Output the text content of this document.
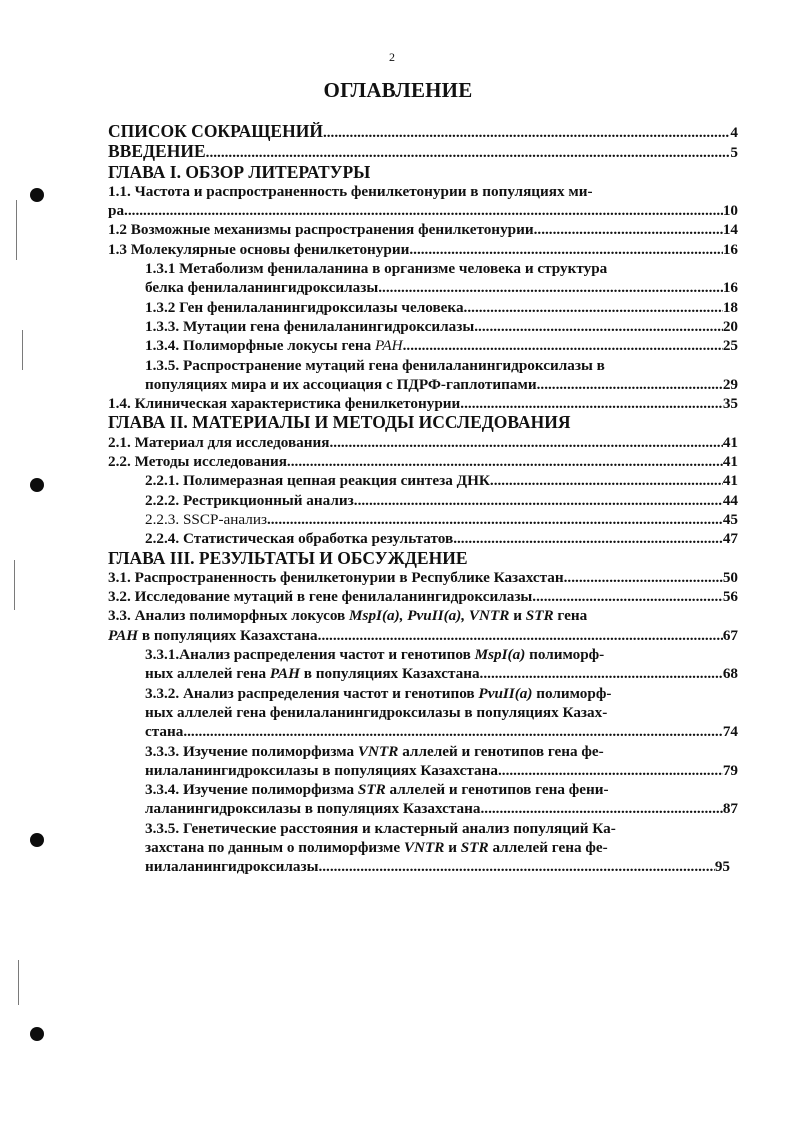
2
ОГЛАВЛЕНИЕ
СПИСОК СОКРАЩЕНИЙ .....	4
ВВЕДЕНИЕ .....	5
ГЛАВА I. ОБЗОР ЛИТЕРАТУРЫ
1.1. Частота и распространенность фенилкетонурии в популяциях ми-
ра .....	10
1.2 Возможные механизмы распространения фенилкетонурии .....	14
1.3 Молекулярные основы фенилкетонурии .....	16
1.3.1 Метаболизм фенилаланина в организме человека и структура
белка фенилаланингидроксилазы .....	16
1.3.2 Ген фенилаланингидроксилазы человека .....	18
1.3.3. Мутации гена фенилаланингидроксилазы .....	20
1.3.4. Полиморфные локусы гена PAH .....	25
1.3.5. Распространение мутаций гена фенилаланингидроксилазы в
популяциях мира и их ассоциация с ПДРФ-гаплотипами .....	29
1.4. Клиническая характеристика фенилкетонурии .....	35
ГЛАВА II. МАТЕРИАЛЫ И МЕТОДЫ ИССЛЕДОВАНИЯ
2.1. Материал для исследования .....	41
2.2. Методы исследования .....	41
2.2.1. Полимеразная цепная реакция синтеза ДНК. .....	41
2.2.2. Рестрикционный анализ .....	44
2.2.3. SSCP-анализ .....	45
2.2.4. Статистическая обработка результатов .....	47
ГЛАВА III. РЕЗУЛЬТАТЫ И ОБСУЖДЕНИЕ
3.1. Распространенность фенилкетонурии в Республике Казахстан .....	50
3.2. Исследование мутаций в гене фенилаланингидроксилазы .....	56
3.3. Анализ полиморфных локусов MspI(a), PvuII(a), VNTR и STR гена
PAH в популяциях Казахстана .....	67
3.3.1.Анализ распределения частот и генотипов MspI(a) полиморф-
ных аллелей гена PAH в популяциях Казахстана .....	68
3.3.2. Анализ распределения частот и генотипов PvuII(a) полиморф-
ных аллелей гена фенилаланингидроксилазы в популяциях Казах-
стана .....	74
3.3.3. Изучение полиморфизма VNTR аллелей и генотипов гена фе-
нилаланингидроксилазы в популяциях Казахстана .....	79
3.3.4. Изучение полиморфизма STR аллелей и генотипов гена фени-
лаланингидроксилазы в популяциях Казахстана. .....	87
3.3.5. Генетические расстояния и кластерный анализ популяций Ка-
захстана по данным о полиморфизме VNTR и STR аллелей гена фе-
нилаланингидроксилазы .....	95
